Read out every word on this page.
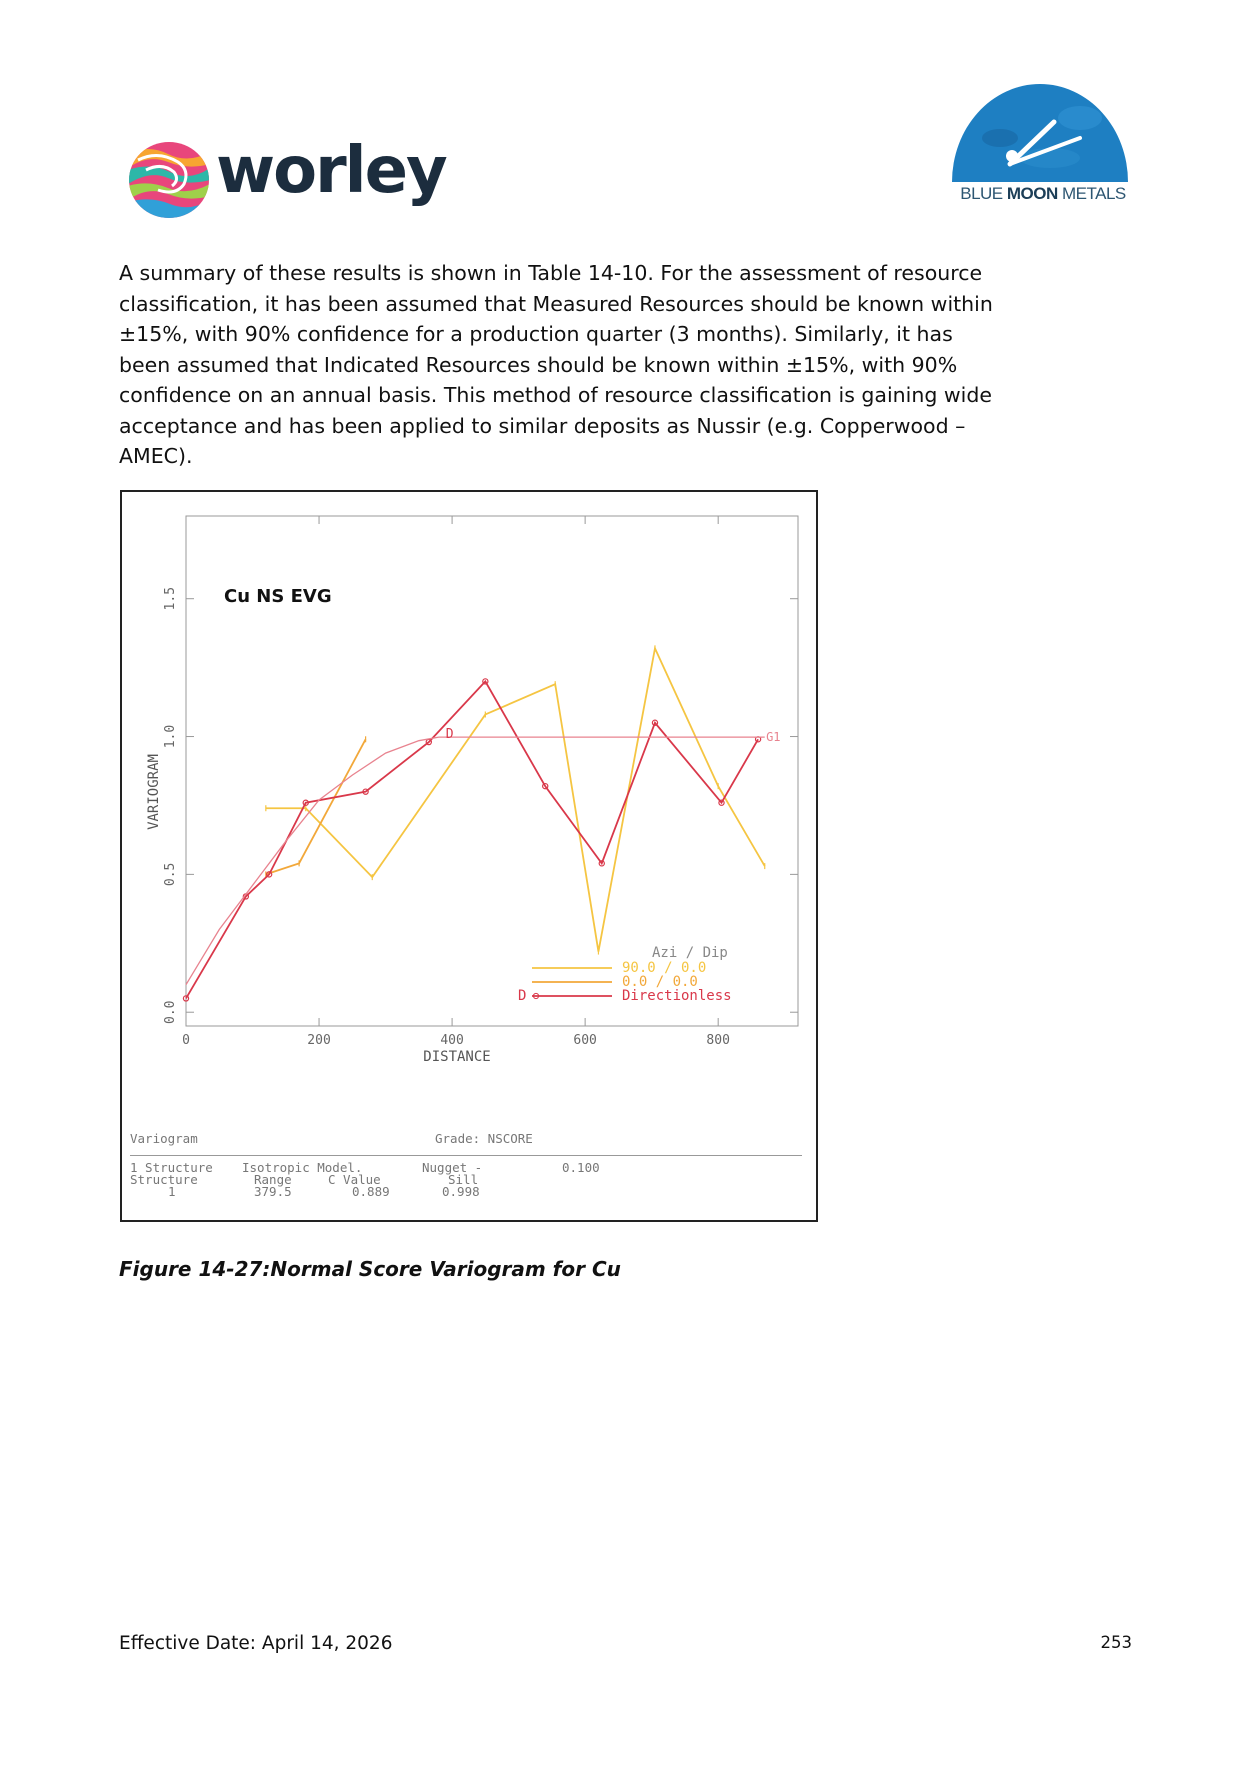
worley	BLUE MOON METALS
A summary of these results is shown in Table 14-10. For the assessment of resource
classification, it has been assumed that Measured Resources should be known within
±15%, with 90% confidence for a production quarter (3 months). Similarly, it has
been assumed that Indicated Resources should be known within ±15%, with 90%
confidence on an annual basis. This method of resource classification is gaining wide
acceptance and has been applied to similar deposits as Nussir (e.g. Copperwood –
AMEC).
0	200	400	600	800
0.0
0.5
1.0
1.5	Cu NS EVG
DISTANCE
VARIOGRAM
D	G1
Azi / Dip
90.0 / 0.0
0.0 / 0.0
D	Directionless
Variogram	Grade: NSCORE
1 Structure Isotropic Model.	Nugget -	0.100
Structure	Range	C Value	Sill
1	379.5	0.889	0.998
Figure 14-27:Normal Score Variogram for Cu
Effective Date: April 14, 2026	253
